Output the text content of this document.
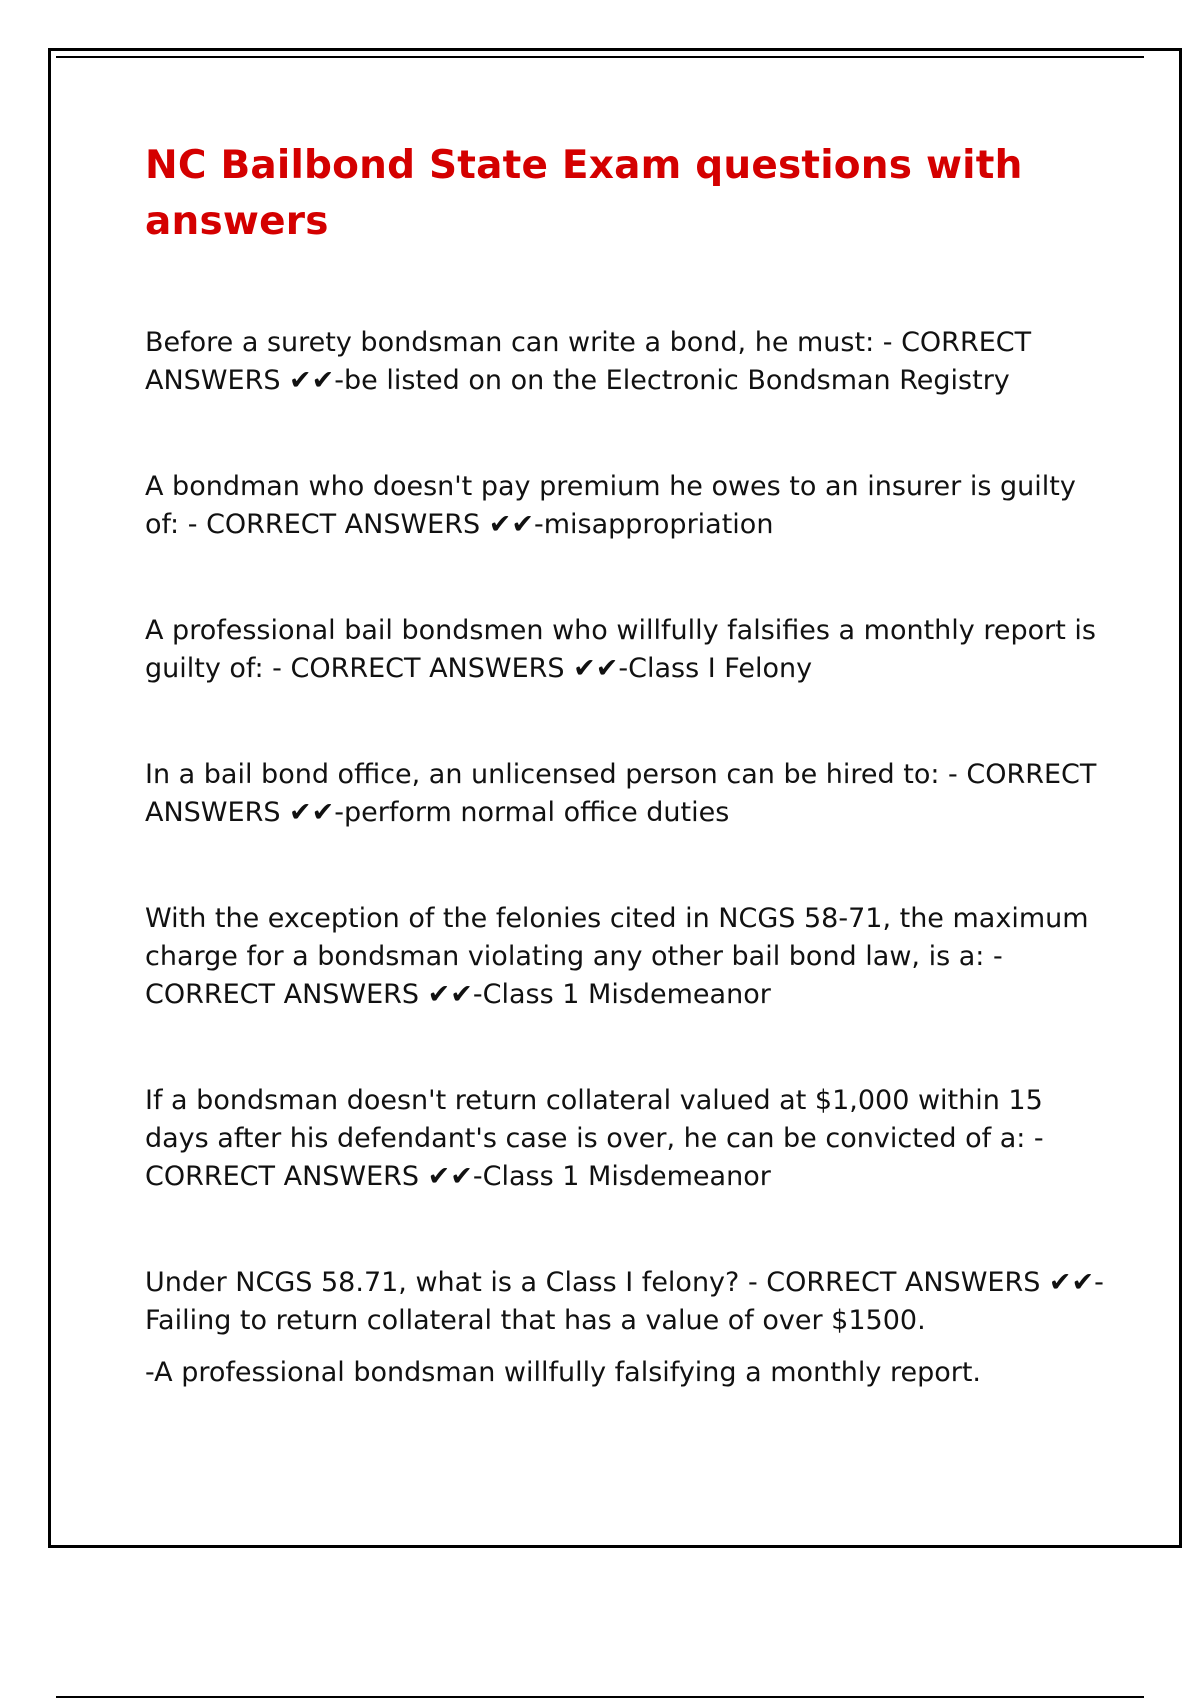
NC Bailbond State Exam questions with answers

Before a surety bondsman can write a bond, he must: - CORRECT ANSWERS ✔✔-be listed on on the Electronic Bondsman Registry

A bondman who doesn't pay premium he owes to an insurer is guilty of: - CORRECT ANSWERS ✔✔-misappropriation

A professional bail bondsmen who willfully falsifies a monthly report is guilty of: - CORRECT ANSWERS ✔✔-Class I Felony

In a bail bond office, an unlicensed person can be hired to: - CORRECT ANSWERS ✔✔-perform normal office duties

With the exception of the felonies cited in NCGS 58-71, the maximum charge for a bondsman violating any other bail bond law, is a: - CORRECT ANSWERS ✔✔-Class 1 Misdemeanor

If a bondsman doesn't return collateral valued at $1,000 within 15 days after his defendant's case is over, he can be convicted of a: - CORRECT ANSWERS ✔✔-Class 1 Misdemeanor

Under NCGS 58.71, what is a Class I felony? - CORRECT ANSWERS ✔✔-Failing to return collateral that has a value of over $1500.

-A professional bondsman willfully falsifying a monthly report.
